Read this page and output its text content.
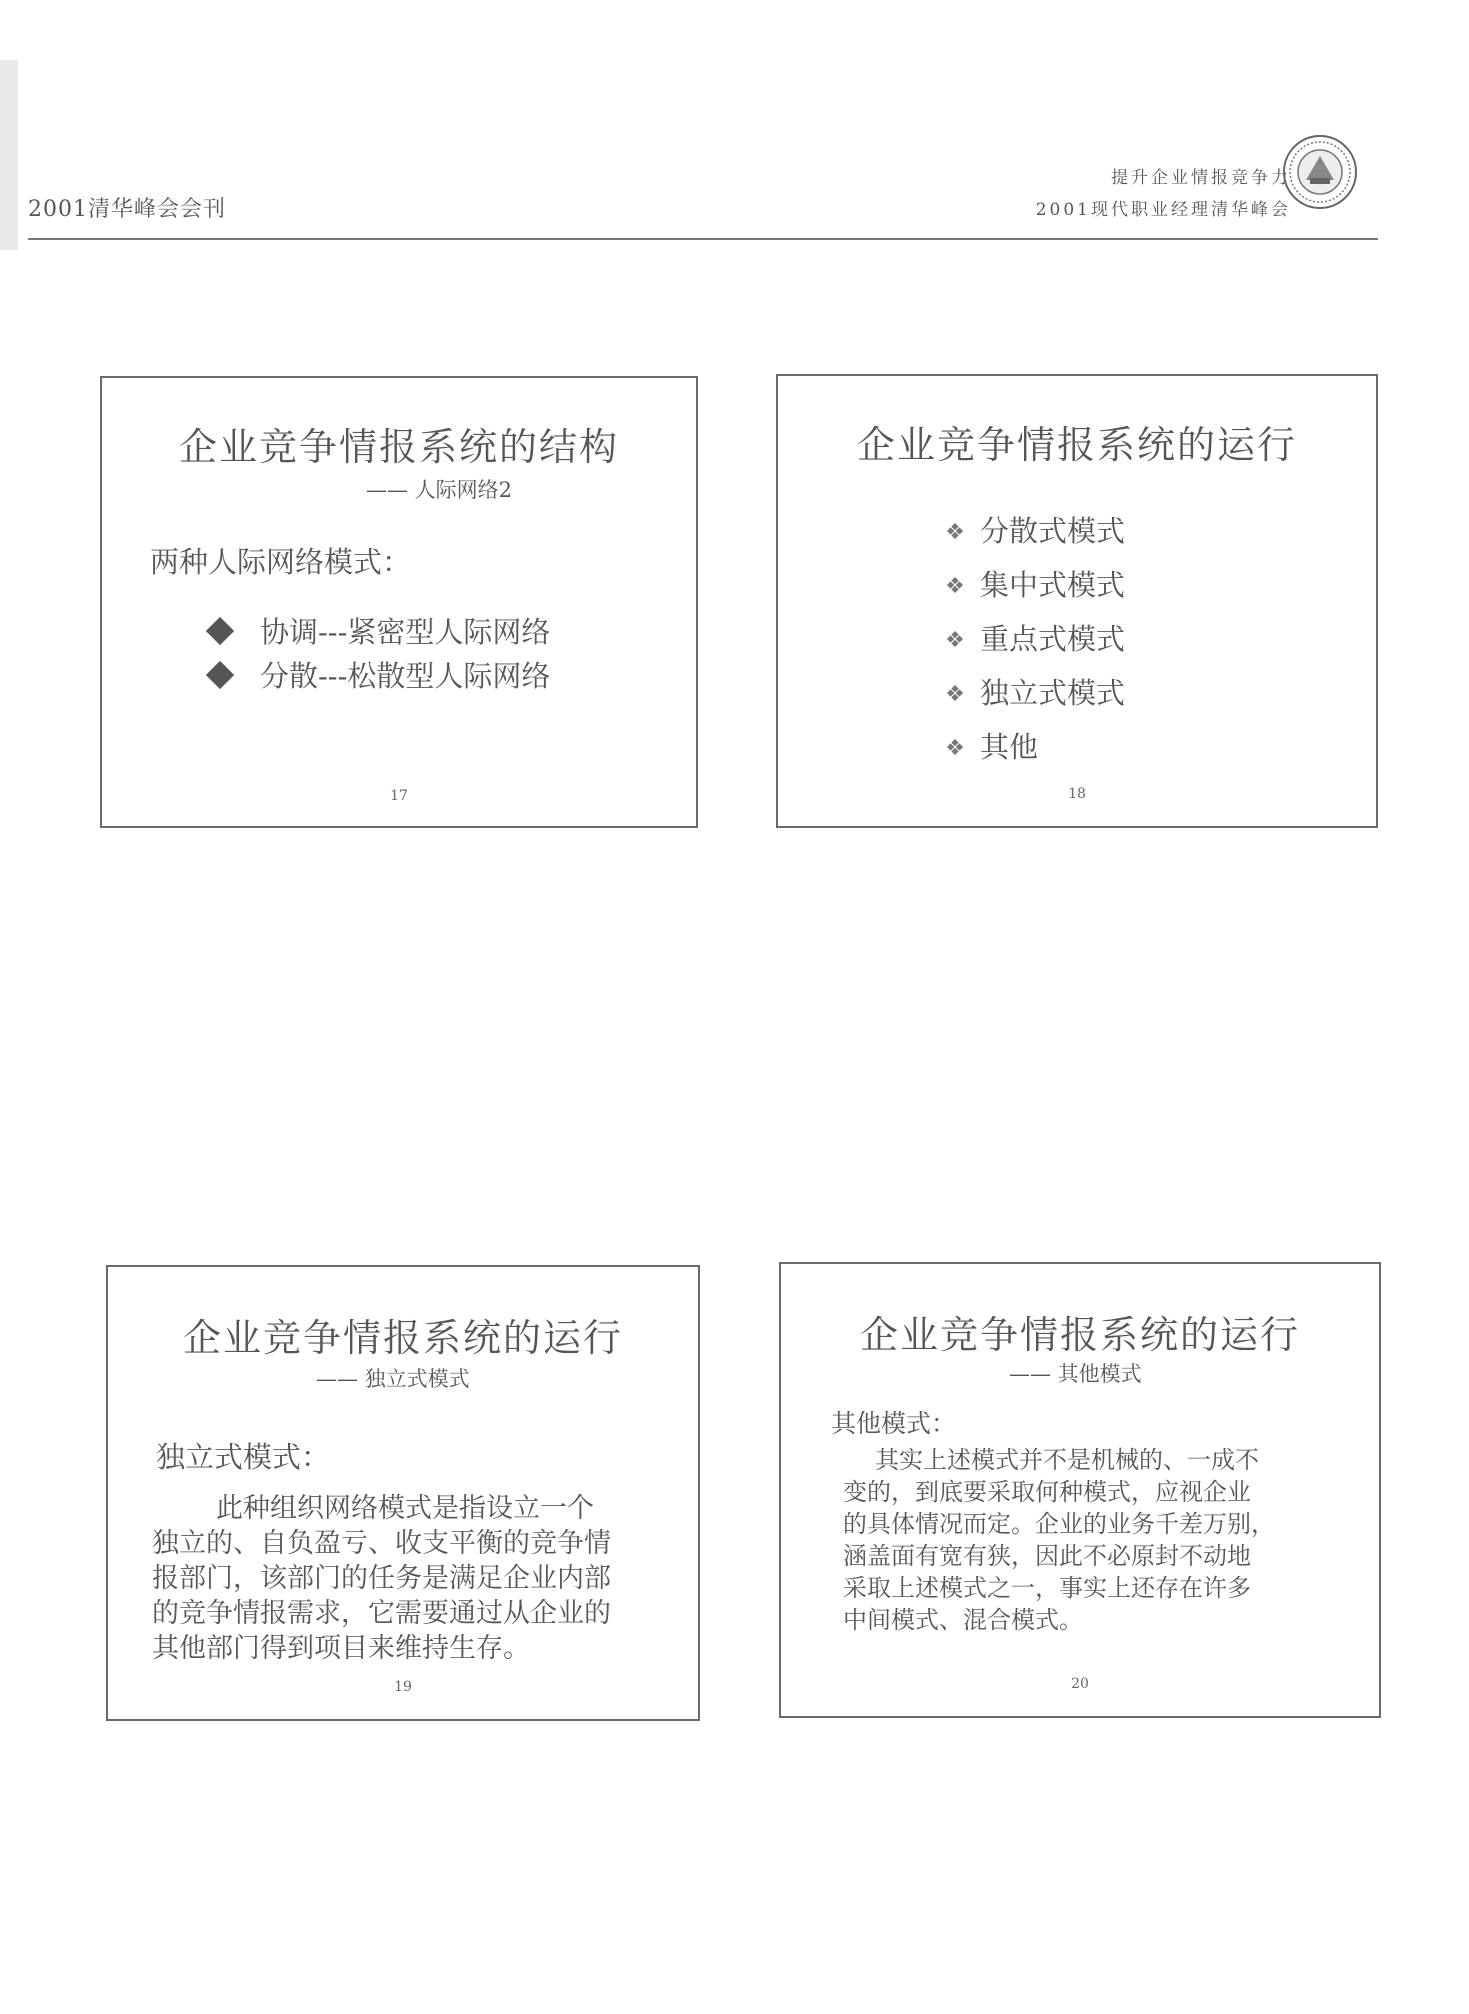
2001清华峰会会刊
提升企业情报竞争力
2001现代职业经理清华峰会
企业竞争情报系统的结构
—— 人际网络2
两种人际网络模式：
协调---紧密型人际网络
分散---松散型人际网络
17
企业竞争情报系统的运行
❖ 分散式模式
❖ 集中式模式
❖ 重点式模式
❖ 独立式模式
❖ 其他
18
企业竞争情报系统的运行
—— 独立式模式
独立式模式：
此种组织网络模式是指设立一个
独立的、自负盈亏、收支平衡的竞争情
报部门，该部门的任务是满足企业内部
的竞争情报需求，它需要通过从企业的
其他部门得到项目来维持生存。
19
企业竞争情报系统的运行
—— 其他模式
其他模式：
其实上述模式并不是机械的、一成不
变的，到底要采取何种模式，应视企业
的具体情况而定。企业的业务千差万别，
涵盖面有宽有狭，因此不必原封不动地
采取上述模式之一，事实上还存在许多
中间模式、混合模式。
20
